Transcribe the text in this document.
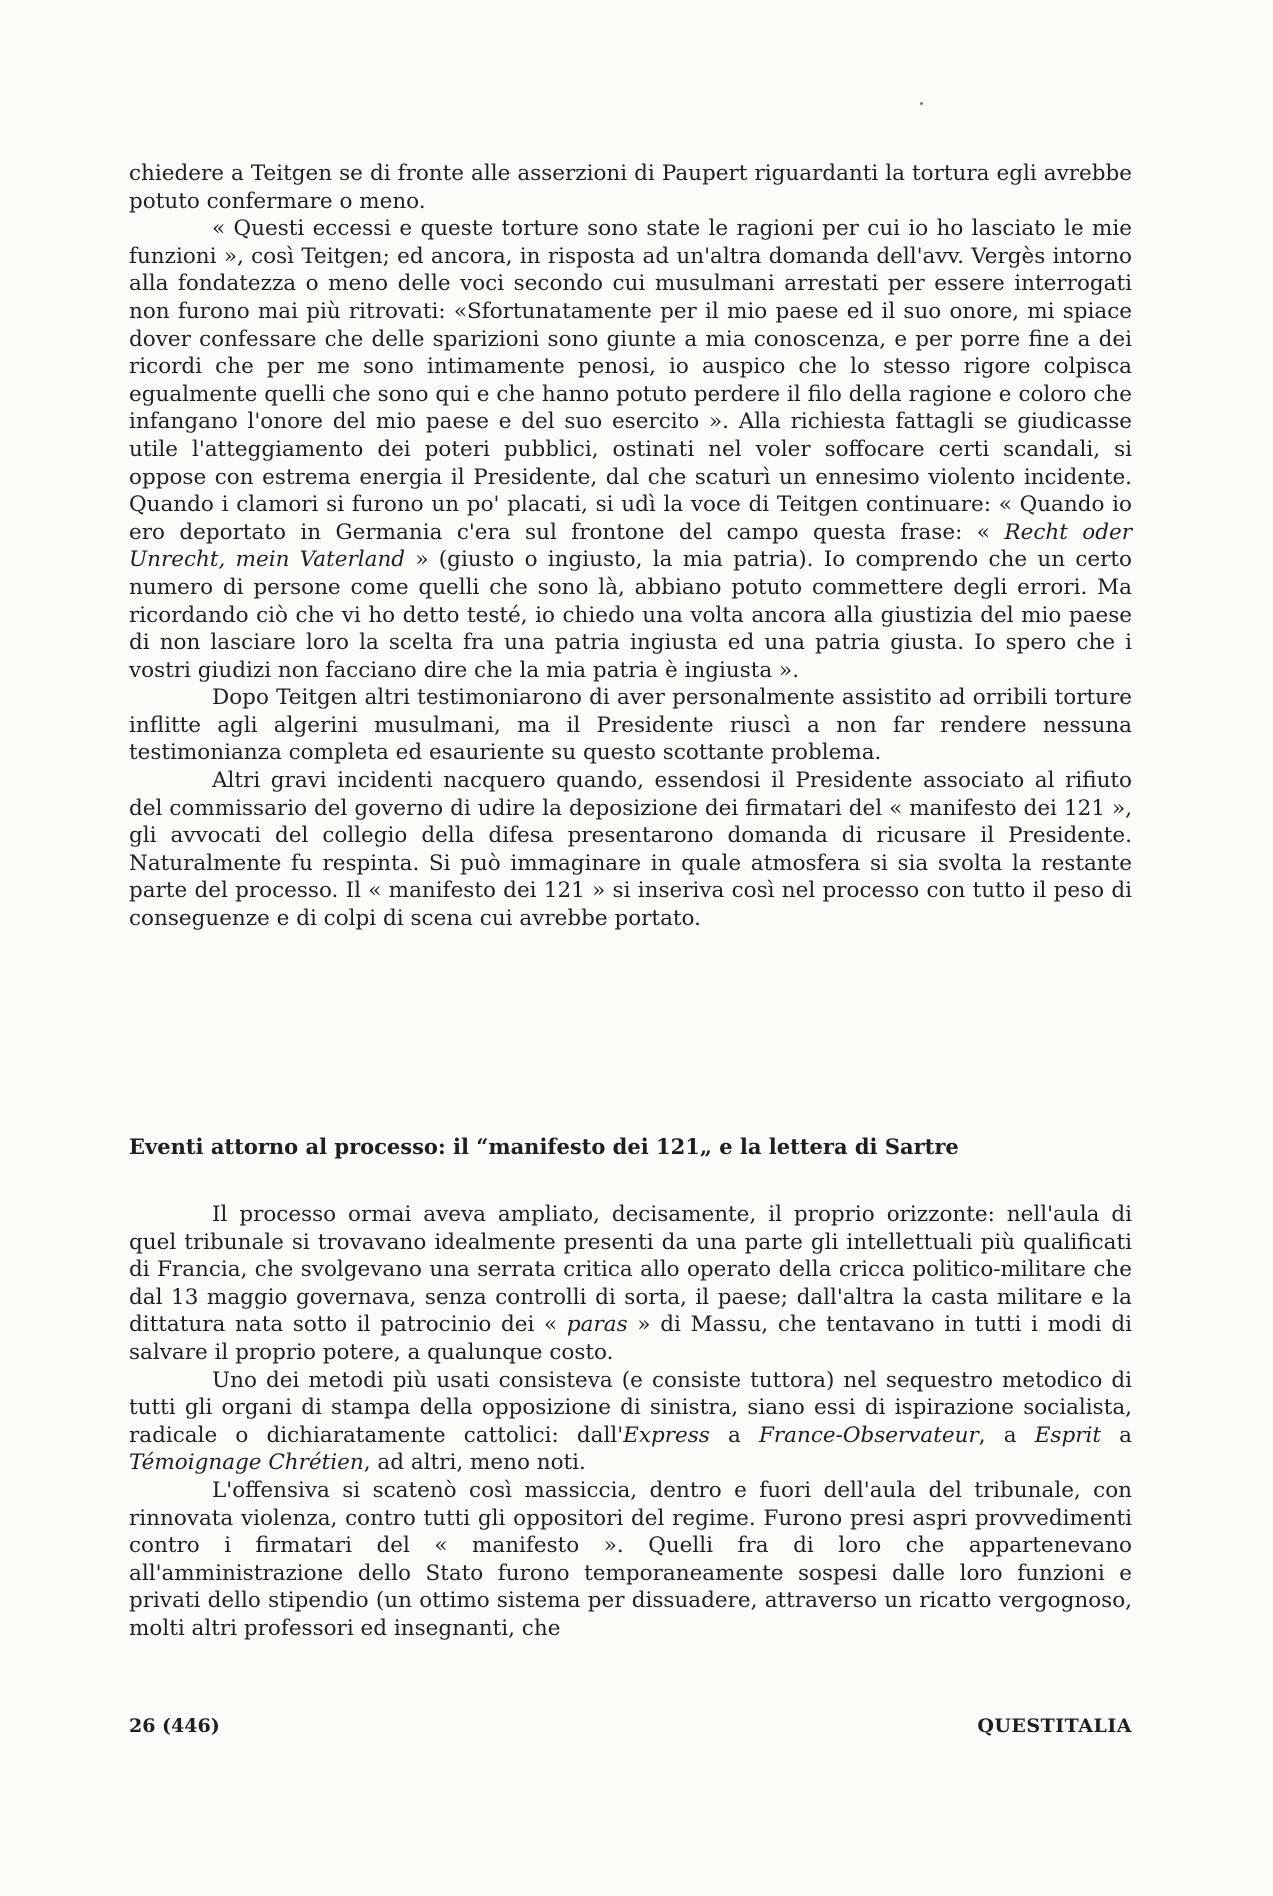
chiedere a Teitgen se di fronte alle asserzioni di Paupert riguardanti la tortura egli avrebbe potuto confermare o meno.

« Questi eccessi e queste torture sono state le ragioni per cui io ho lasciato le mie funzioni », così Teitgen; ed ancora, in risposta ad un'altra domanda dell'avv. Vergès intorno alla fondatezza o meno delle voci secondo cui musulmani arrestati per essere interrogati non furono mai più ritrovati: «Sfortunatamente per il mio paese ed il suo onore, mi spiace dover confessare che delle sparizioni sono giunte a mia conoscenza, e per porre fine a dei ricordi che per me sono intimamente penosi, io auspico che lo stesso rigore colpisca egualmente quelli che sono qui e che hanno potuto perdere il filo della ragione e coloro che infangano l'onore del mio paese e del suo esercito ». Alla richiesta fattagli se giudicasse utile l'atteggiamento dei poteri pubblici, ostinati nel voler soffocare certi scandali, si oppose con estrema energia il Presidente, dal che scaturì un ennesimo violento incidente. Quando i clamori si furono un po' placati, si udì la voce di Teitgen continuare: « Quando io ero deportato in Germania c'era sul frontone del campo questa frase: « Recht oder Unrecht, mein Vaterland » (giusto o ingiusto, la mia patria). Io comprendo che un certo numero di persone come quelli che sono là, abbiano potuto commettere degli errori. Ma ricordando ciò che vi ho detto testé, io chiedo una volta ancora alla giustizia del mio paese di non lasciare loro la scelta fra una patria ingiusta ed una patria giusta. Io spero che i vostri giudizi non facciano dire che la mia patria è ingiusta ».

Dopo Teitgen altri testimoniarono di aver personalmente assistito ad orribili torture inflitte agli algerini musulmani, ma il Presidente riuscì a non far rendere nessuna testimonianza completa ed esauriente su questo scottante problema.

Altri gravi incidenti nacquero quando, essendosi il Presidente associato al rifiuto del commissario del governo di udire la deposizione dei firmatari del « manifesto dei 121 », gli avvocati del collegio della difesa presentarono domanda di ricusare il Presidente. Naturalmente fu respinta. Si può immaginare in quale atmosfera si sia svolta la restante parte del processo. Il « manifesto dei 121 » si inseriva così nel processo con tutto il peso di conseguenze e di colpi di scena cui avrebbe portato.

Eventi attorno al processo: il “manifesto dei 121„ e la lettera di Sartre

Il processo ormai aveva ampliato, decisamente, il proprio orizzonte: nell'aula di quel tribunale si trovavano idealmente presenti da una parte gli intellettuali più qualificati di Francia, che svolgevano una serrata critica allo operato della cricca politico-militare che dal 13 maggio governava, senza controlli di sorta, il paese; dall'altra la casta militare e la dittatura nata sotto il patrocinio dei « paras » di Massu, che tentavano in tutti i modi di salvare il proprio potere, a qualunque costo.

Uno dei metodi più usati consisteva (e consiste tuttora) nel sequestro metodico di tutti gli organi di stampa della opposizione di sinistra, siano essi di ispirazione socialista, radicale o dichiaratamente cattolici: dall'Express a France-Observateur, a Esprit a Témoignage Chrétien, ad altri, meno noti.

L'offensiva si scatenò così massiccia, dentro e fuori dell'aula del tribunale, con rinnovata violenza, contro tutti gli oppositori del regime. Furono presi aspri provvedimenti contro i firmatari del « manifesto ». Quelli fra di loro che appartenevano all'amministrazione dello Stato furono temporaneamente sospesi dalle loro funzioni e privati dello stipendio (un ottimo sistema per dissuadere, attraverso un ricatto vergognoso, molti altri professori ed insegnanti, che

26 (446)	QUESTITALIA
